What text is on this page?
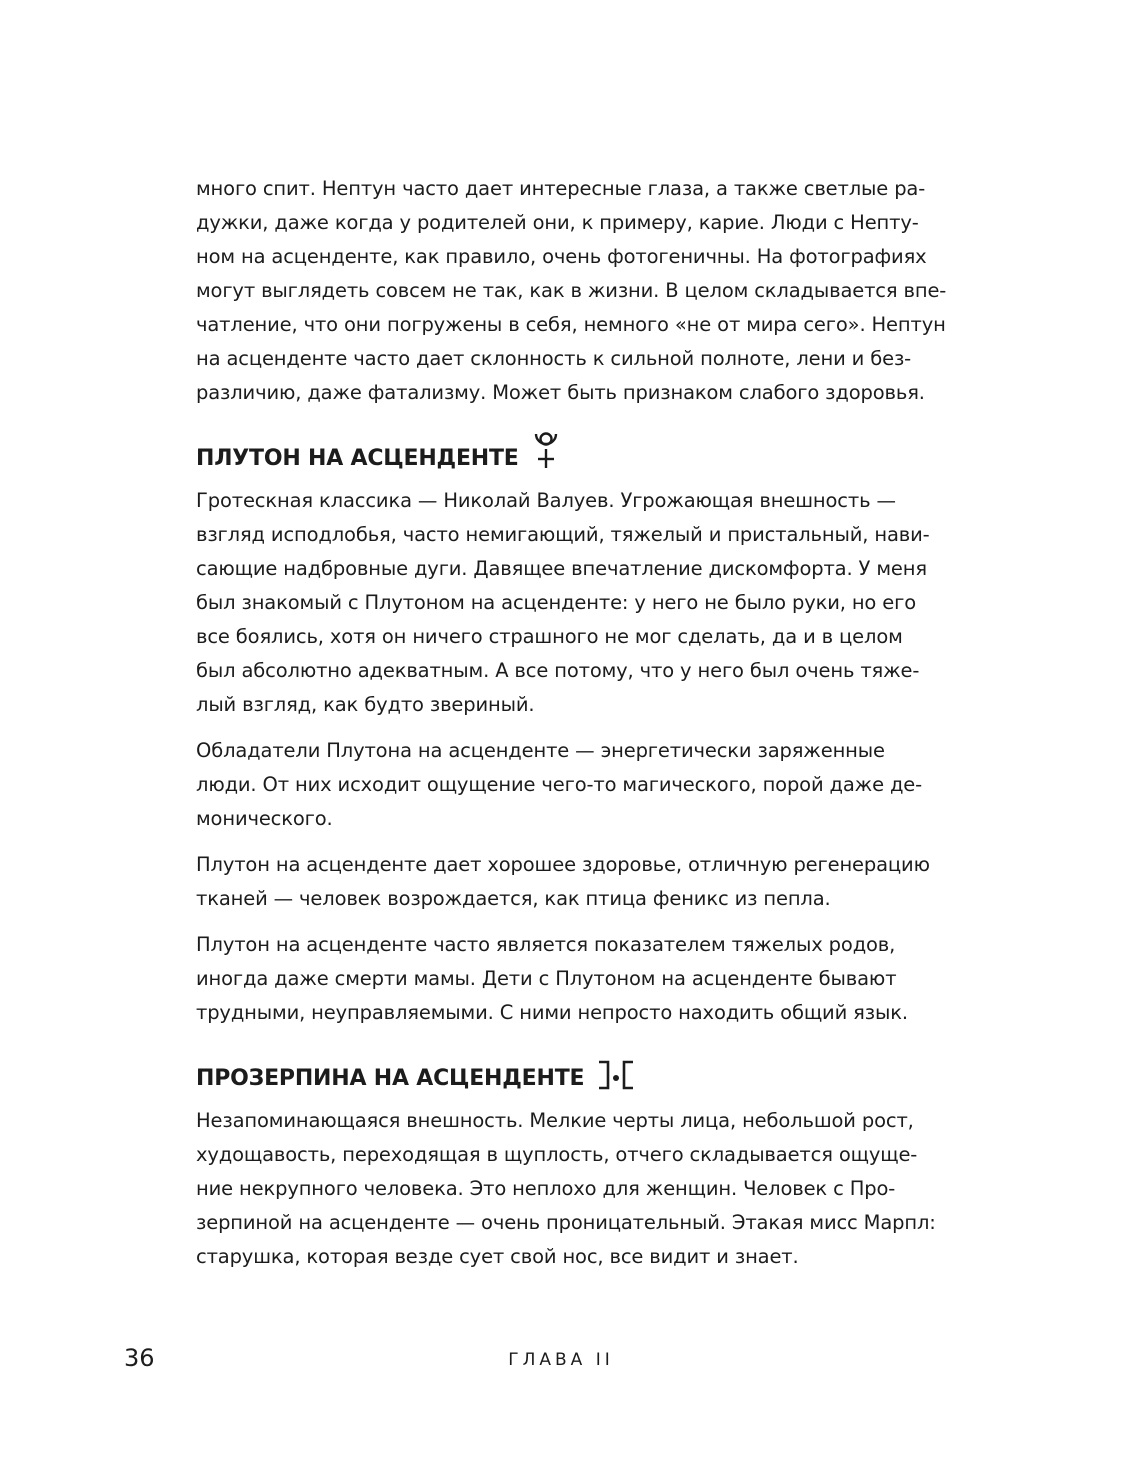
много спит. Нептун часто дает интересные глаза, а также светлые ра-
дужки, даже когда у родителей они, к примеру, карие. Люди с Непту-
ном на асценденте, как правило, очень фотогеничны. На фотографиях
могут выглядеть совсем не так, как в жизни. В целом складывается впе-
чатление, что они погружены в себя, немного «не от мира сего». Нептун
на асценденте часто дает склонность к сильной полноте, лени и без-
различию, даже фатализму. Может быть признаком слабого здоровья.
ПЛУТОН НА АСЦЕНДЕНТЕ
Гротескная классика — Николай Валуев. Угрожающая внешность —
взгляд исподлобья, часто немигающий, тяжелый и пристальный, нави-
сающие надбровные дуги. Давящее впечатление дискомфорта. У меня
был знакомый с Плутоном на асценденте: у него не было руки, но его
все боялись, хотя он ничего страшного не мог сделать, да и в целом
был абсолютно адекватным. А все потому, что у него был очень тяже-
лый взгляд, как будто звериный.
Обладатели Плутона на асценденте — энергетически заряженные
люди. От них исходит ощущение чего-то магического, порой даже де-
монического.
Плутон на асценденте дает хорошее здоровье, отличную регенерацию
тканей — человек возрождается, как птица феникс из пепла.
Плутон на асценденте часто является показателем тяжелых родов,
иногда даже смерти мамы. Дети с Плутоном на асценденте бывают
трудными, неуправляемыми. С ними непросто находить общий язык.
ПРОЗЕРПИНА НА АСЦЕНДЕНТЕ
Незапоминающаяся внешность. Мелкие черты лица, небольшой рост,
худощавость, переходящая в щуплость, отчего складывается ощуще-
ние некрупного человека. Это неплохо для женщин. Человек с Про-
зерпиной на асценденте — очень проницательный. Этакая мисс Марпл:
старушка, которая везде сует свой нос, все видит и знает.
36	ГЛАВА II
